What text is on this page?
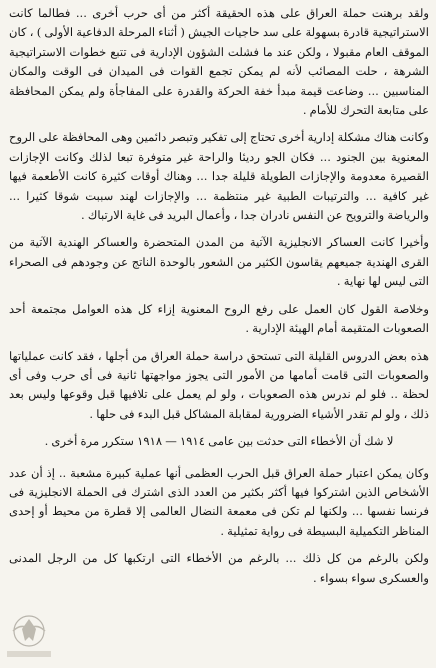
ولقد برهنت حملة العراق على هذه الحقيقة أكثر من أى حرب أخرى ... فطالما كانت الاستراتيجية قادرة بسهولة على سد حاجيات الجيش ( أثناء المرحلة الدفاعية الأولى ) ، كان الموقف العام مقبولا ، ولكن عند ما فشلت الشؤون الإدارية فى تتبع خطوات الاستراتيجية الشرهة ، حلت المصائب لأنه لم يمكن تجمع القوات فى الميدان فى الوقت والمكان المناسبين ... وضاعت قيمة مبدأ خفة الحركة والقدرة على المفاجأة ولم يمكن المحافظة على متابعة التحرك للأمام .

وكانت هناك مشكلة إدارية أخرى تحتاج إلى تفكير وتبصر دائمين وهى المحافظة على الروح المعنوية بين الجنود ... فكان الجو رديئا والراحة غير متوفرة تبعا لذلك وكانت الإجازات القصيرة معدومة والإجازات الطويلة قليلة جدا ... وهناك أوقات كثيرة كانت الأطعمة فيها غير كافية ... والترتيبات الطبية غير منتظمة ... والإجازات لهند سببت شوقا كثيرا ... والرياضة والترويح عن النفس نادران جدا ، وأعمال البريد فى غاية الارتباك .

وأخيرا كانت العساكر الانجليزية الآتية من المدن المتحضرة والعساكر الهندية الآتية من القرى الهندية جميعهم يقاسون الكثير من الشعور بالوحدة الناتج عن وجودهم فى الصحراء التى ليس لها نهاية .

وخلاصة القول كان العمل على رفع الروح المعنوية إزاء كل هذه العوامل مجتمعة أحد الصعوبات المتقيمة أمام الهيئة الإدارية .

هذه بعض الدروس القليلة التى تستحق دراسة حملة العراق من أجلها ، فقد كانت عملياتها والصعوبات التى قامت أمامها من الأمور التى يجوز مواجهتها ثانية فى أى حرب وفى أى لحظة .. فلو لم ندرس هذه الصعوبات ، ولو لم يعمل على تلافيها قبل وقوعها وليس بعد ذلك ، ولو لم تقدر الأشياء الضرورية لمقابلة المشاكل قبل البدء فى حلها .

لا شك أن الأخطاء التى حدثت بين عامى ١٩١٤ — ١٩١٨ ستكرر مرة أخرى .

وكان يمكن اعتبار حملة العراق قبل الحرب العظمى أنها عملية كبيرة مشعبة .. إذ أن عدد الأشخاص الذين اشتركوا فيها أكثر بكثير من العدد الذى اشترك فى الحملة الانجليزية فى فرنسا نفسها ... ولكنها لم تكن فى معمعة النضال العالمى إلا قطرة من محيط أو إحدى المناظر التكميلية البسيطة فى رواية تمثيلية .

ولكن بالرغم من كل ذلك ... بالرغم من الأخطاء التى ارتكبها كل من الرجل المدنى والعسكرى سواء بسواء .
